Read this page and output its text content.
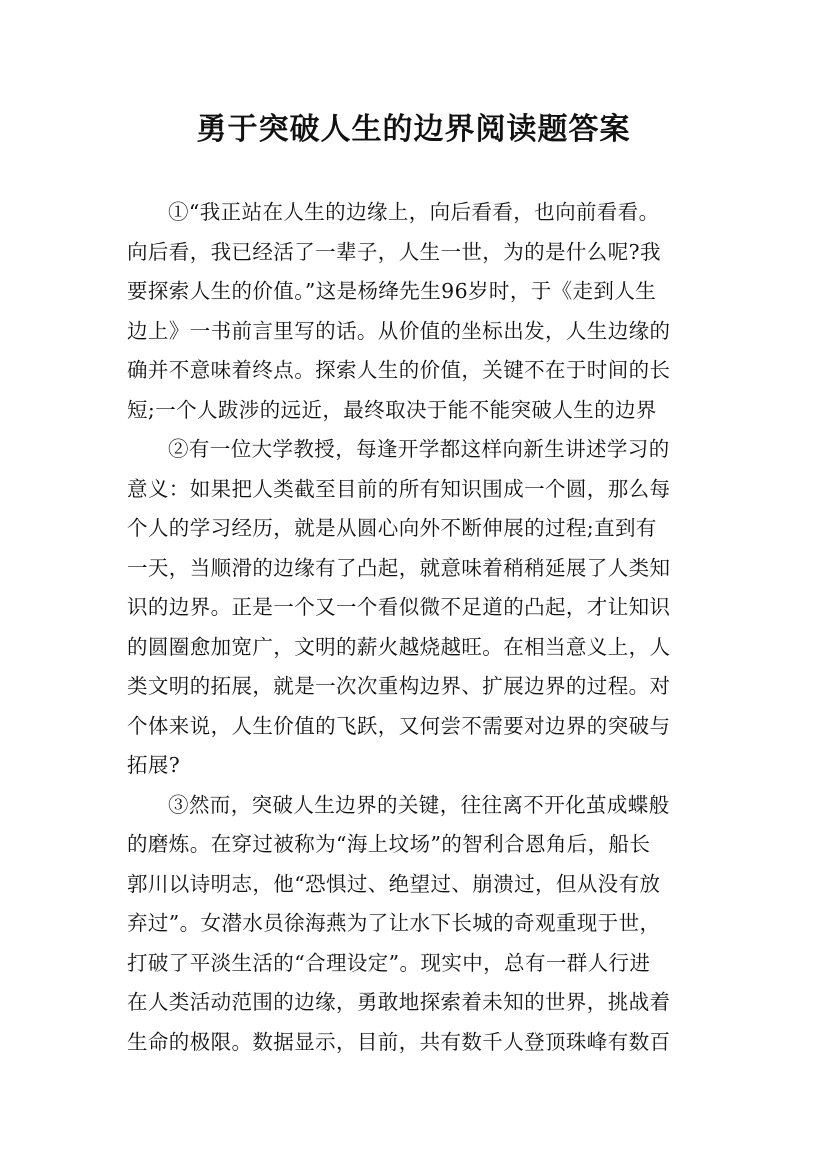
勇于突破人生的边界阅读题答案
①“我正站在人生的边缘上，向后看看，也向前看看。
向后看，我已经活了一辈子，人生一世，为的是什么呢?我
要探索人生的价值。”这是杨绛先生96岁时，于《走到人生
边上》一书前言里写的话。从价值的坐标出发，人生边缘的
确并不意味着终点。探索人生的价值，关键不在于时间的长
短;一个人跋涉的远近，最终取决于能不能突破人生的边界
②有一位大学教授，每逢开学都这样向新生讲述学习的
意义：如果把人类截至目前的所有知识围成一个圆，那么每
个人的学习经历，就是从圆心向外不断伸展的过程;直到有
一天，当顺滑的边缘有了凸起，就意味着稍稍延展了人类知
识的边界。正是一个又一个看似微不足道的凸起，才让知识
的圆圈愈加宽广，文明的薪火越烧越旺。在相当意义上，人
类文明的拓展，就是一次次重构边界、扩展边界的过程。对
个体来说，人生价值的飞跃，又何尝不需要对边界的突破与
拓展?
③然而，突破人生边界的关键，往往离不开化茧成蝶般
的磨炼。在穿过被称为“海上坟场”的智利合恩角后，船长
郭川以诗明志，他“恐惧过、绝望过、崩溃过，但从没有放
弃过”。女潜水员徐海燕为了让水下长城的奇观重现于世，
打破了平淡生活的“合理设定”。现实中，总有一群人行进
在人类活动范围的边缘，勇敢地探索着未知的世界，挑战着
生命的极限。数据显示，目前，共有数千人登顶珠峰有数百
